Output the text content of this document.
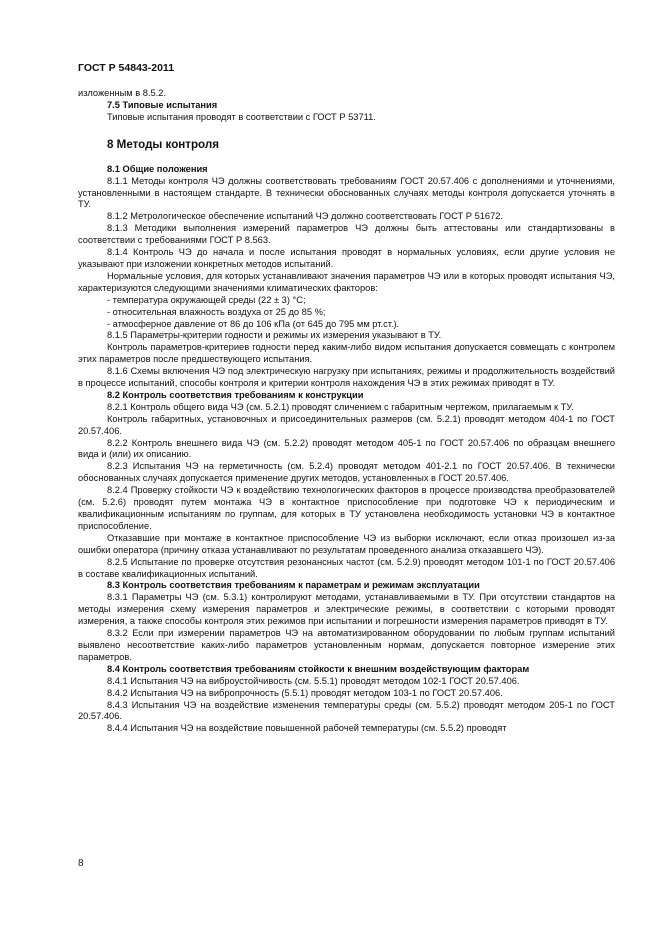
ГОСТ Р 54843-2011

изложенным в 8.5.2.

7.5 Типовые испытания

Типовые испытания проводят в соответствии с ГОСТ Р 53711.

8 Методы контроля

8.1 Общие положения

8.1.1 Методы контроля ЧЭ должны соответствовать требованиям ГОСТ 20.57.406 с дополнениями и уточнениями, установленными в настоящем стандарте. В технически обоснованных случаях методы контроля допускается уточнять в ТУ.

8.1.2 Метрологическое обеспечение испытаний ЧЭ должно соответствовать ГОСТ Р 51672.

8.1.3 Методики выполнения измерений параметров ЧЭ должны быть аттестованы или стандартизованы в соответствии с требованиями ГОСТ Р 8.563.

8.1.4 Контроль ЧЭ до начала и после испытания проводят в нормальных условиях, если другие условия не указывают при изложении конкретных методов испытаний.

Нормальные условия, для которых устанавливают значения параметров ЧЭ или в которых проводят испытания ЧЭ, характеризуются следующими значениями климатических факторов:

- температура окружающей среды (22 ± 3) °С;

- относительная влажность воздуха от 25 до 85 %;

- атмосферное давление от 86 до 106 кПа (от 645 до 795 мм рт.ст.).

8.1.5 Параметры-критерии годности и режимы их измерения указывают в ТУ.

Контроль параметров-критериев годности перед каким-либо видом испытания допускается совмещать с контролем этих параметров после предшествующего испытания.

8.1.6 Схемы включения ЧЭ под электрическую нагрузку при испытаниях, режимы и продолжительность воздействий в процессе испытаний, способы контроля и критерии контроля нахождения ЧЭ в этих режимах приводят в ТУ.

8.2 Контроль соответствия требованиям к конструкции

8.2.1 Контроль общего вида ЧЭ (см. 5.2.1) проводят сличением с габаритным чертежом, прилагаемым к ТУ.

Контроль габаритных, установочных и присоединительных размеров (см. 5.2.1) проводят методом 404-1 по ГОСТ 20.57.406.

8.2.2 Контроль внешнего вида ЧЭ (см. 5.2.2) проводят методом 405-1 по ГОСТ 20.57.406 по образцам внешнего вида и (или) их описанию.

8.2.3 Испытания ЧЭ на герметичность (см. 5.2.4) проводят методом 401-2.1 по ГОСТ 20.57.406. В технически обоснованных случаях допускается применение других методов, установленных в ГОСТ 20.57.406.

8.2.4 Проверку стойкости ЧЭ к воздействию технологических факторов в процессе производства преобразователей (см. 5.2.6) проводят путем монтажа ЧЭ в контактное приспособление при подготовке ЧЭ к периодическим и квалификационным испытаниям по группам, для которых в ТУ установлена необходимость установки ЧЭ в контактное приспособление.

Отказавшие при монтаже в контактное приспособление ЧЭ из выборки исключают, если отказ произошел из-за ошибки оператора (причину отказа устанавливают по результатам проведенного анализа отказавшего ЧЭ).

8.2.5 Испытание по проверке отсутствия резонансных частот (см. 5.2.9) проводят методом 101-1 по ГОСТ 20.57.406 в составе квалификационных испытаний.

8.3 Контроль соответствия требованиям к параметрам и режимам эксплуатации

8.3.1 Параметры ЧЭ (см. 5.3.1) контролируют методами, устанавливаемыми в ТУ. При отсутствии стандартов на методы измерения схему измерения параметров и электрические режимы, в соответствии с которыми проводят измерения, а также способы контроля этих режимов при испытании и погрешности измерения параметров приводят в ТУ.

8.3.2 Если при измерении параметров ЧЭ на автоматизированном оборудовании по любым группам испытаний выявлено несоответствие каких-либо параметров установленным нормам, допускается повторное измерение этих параметров.

8.4 Контроль соответствия требованиям стойкости к внешним воздействующим факторам

8.4.1 Испытания ЧЭ на виброустойчивость (см. 5.5.1) проводят методом 102-1 ГОСТ 20.57.406.

8.4.2 Испытания ЧЭ на вибропрочность (5.5.1) проводят методом 103-1 по ГОСТ 20.57.406.

8.4.3 Испытания ЧЭ на воздействие изменения температуры среды (см. 5.5.2) проводят методом 205-1 по ГОСТ 20.57.406.

8.4.4 Испытания ЧЭ на воздействие повышенной рабочей температуры (см. 5.5.2) проводят

8
